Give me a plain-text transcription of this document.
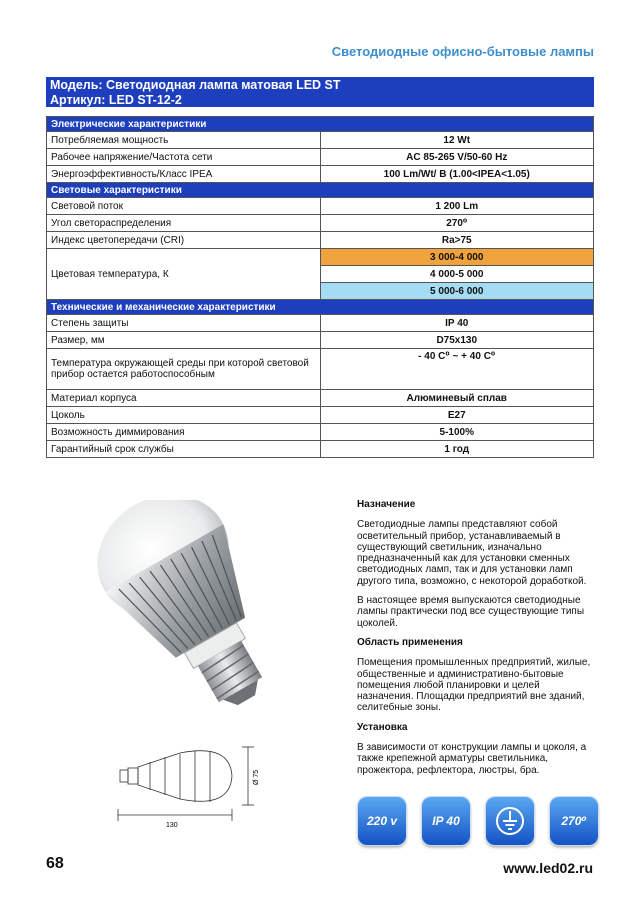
Светодиодные офисно-бытовые лампы
Модель: Светодиодная лампа матовая LED ST
Артикул: LED ST-12-2
Электрические характеристики	
Потребляемая мощность	12 Wt
Рабочее напряжение/Частота сети	AC 85-265 V/50-60 Hz
Энергоэффективность/Класс IPEA	100 Lm/Wt/ B (1.00<IPEA<1.05)
Световые характеристики	
Световой поток	1 200 Lm
Угол светораспределения	270⁰
Индекс цветопередачи (CRI)	Ra>75
Цветовая температура, К	3 000-4 000
	4 000-5 000
	5 000-6 000
Технические и механические характеристики	
Степень защиты	IP 40
Размер, мм	D75x130
Температура окружающей среды при которой световой прибор остается работоспособным	- 40 С⁰ ~ + 40 С⁰
Материал корпуса	Алюминевый сплав
Цоколь	E27
Возможность диммирования	5-100%
Гарантийный срок службы	1 год
130
Ø 75
Назначение

Светодиодные лампы представляют собой осветительный прибор, устанавливаемый в существующий светильник, изначально предназначенный как для установки сменных светодиодных ламп, так и для установки ламп другого типа, возможно, с некоторой доработкой.

В настоящее время выпускаются светодиодные лампы практически под все существующие типы цоколей.

Область применения

Помещения промышленных предприятий, жилые, общественные и административно-бытовые помещения любой планировки и целей назначения. Площадки предприятий вне зданий, селитебные зоны.

Установка

В зависимости от конструкции лампы и цоколя, а также крепежной арматуры светильника, прожектора, рефлектора, люстры, бра.

220 v	IP 40	270⁰
68	www.led02.ru
